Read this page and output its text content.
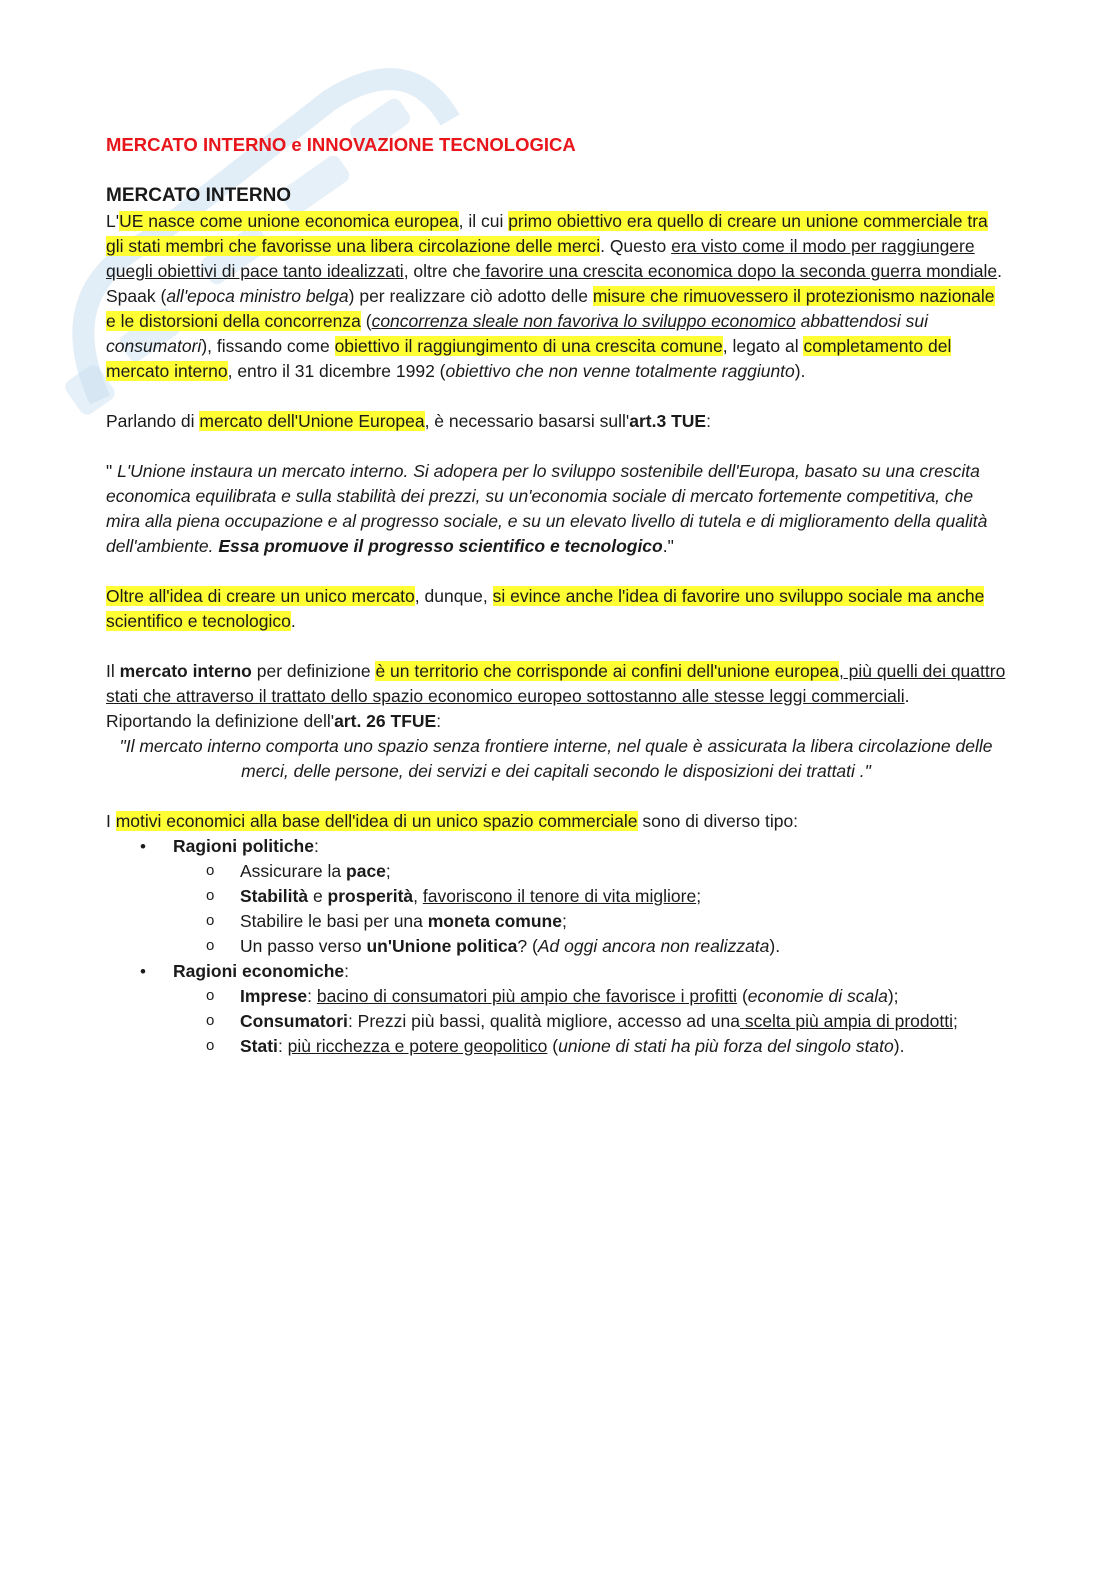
MERCATO INTERNO e INNOVAZIONE TECNOLOGICA

MERCATO INTERNO

L'UE nasce come unione economica europea, il cui primo obiettivo era quello di creare un unione commerciale tra gli stati membri che favorisse una libera circolazione delle merci. Questo era visto come il modo per raggiungere quegli obiettivi di pace tanto idealizzati, oltre che favorire una crescita economica dopo la seconda guerra mondiale.

Spaak (all'epoca ministro belga) per realizzare ciò adotto delle misure che rimuovessero il protezionismo nazionale e le distorsioni della concorrenza (concorrenza sleale non favoriva lo sviluppo economico abbattendosi sui consumatori), fissando come obiettivo il raggiungimento di una crescita comune, legato al completamento del mercato interno, entro il 31 dicembre 1992 (obiettivo che non venne totalmente raggiunto).

Parlando di mercato dell'Unione Europea, è necessario basarsi sull'art.3 TUE:

" L'Unione instaura un mercato interno. Si adopera per lo sviluppo sostenibile dell'Europa, basato su una crescita economica equilibrata e sulla stabilità dei prezzi, su un'economia sociale di mercato fortemente competitiva, che mira alla piena occupazione e al progresso sociale, e su un elevato livello di tutela e di miglioramento della qualità dell'ambiente. Essa promuove il progresso scientifico e tecnologico."

Oltre all'idea di creare un unico mercato, dunque, si evince anche l'idea di favorire uno sviluppo sociale ma anche scientifico e tecnologico.

Il mercato interno per definizione è un territorio che corrisponde ai confini dell'unione europea, più quelli dei quattro stati che attraverso il trattato dello spazio economico europeo sottostanno alle stesse leggi commerciali.

Riportando la definizione dell'art. 26 TFUE:

"Il mercato interno comporta uno spazio senza frontiere interne, nel quale è assicurata la libera circolazione delle merci, delle persone, dei servizi e dei capitali secondo le disposizioni dei trattati ."

I motivi economici alla base dell'idea di un unico spazio commerciale sono di diverso tipo:

• Ragioni politiche:
o Assicurare la pace;
o Stabilità e prosperità, favoriscono il tenore di vita migliore;
o Stabilire le basi per una moneta comune;
o Un passo verso un'Unione politica? (Ad oggi ancora non realizzata).
• Ragioni economiche:
o Imprese: bacino di consumatori più ampio che favorisce i profitti (economie di scala);
o Consumatori: Prezzi più bassi, qualità migliore, accesso ad una scelta più ampia di prodotti;
o Stati: più ricchezza e potere geopolitico (unione di stati ha più forza del singolo stato).
